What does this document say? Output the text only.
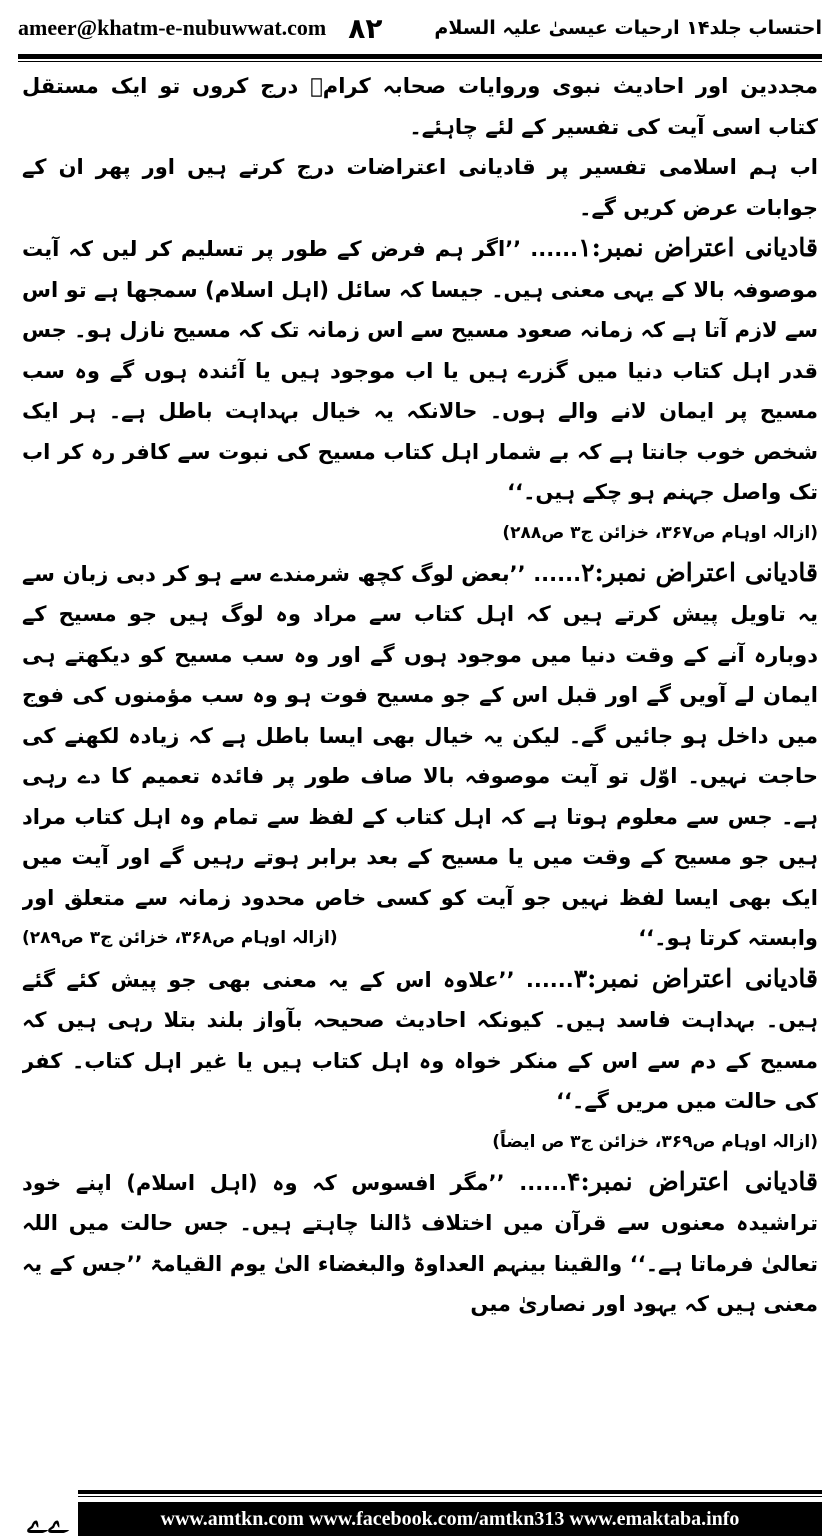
ameer@khatm-e-nubuwwat.com ۸۲	احتساب جلد۱۴ ارحیات عیسیٰ علیہ السلام

مجددین اور احادیث نبوی وروایات صحابہ کرامؓ درج کروں تو ایک مستقل کتاب اسی آیت کی تفسیر کے لئے چاہئے۔

اب ہم اسلامی تفسیر پر قادیانی اعتراضات درج کرتے ہیں اور پھر ان کے جوابات عرض کریں گے۔

قادیانی اعتراض نمبر:۱...... ’’اگر ہم فرض کے طور پر تسلیم کر لیں کہ آیت موصوفہ بالا کے یہی معنی ہیں۔ جیسا کہ سائل (اہل اسلام) سمجھا ہے تو اس سے لازم آتا ہے کہ زمانہ صعود مسیح سے اس زمانہ تک کہ مسیح نازل ہو۔ جس قدر اہل کتاب دنیا میں گزرے ہیں یا اب موجود ہیں یا آئندہ ہوں گے وہ سب مسیح پر ایمان لانے والے ہوں۔ حالانکہ یہ خیال بہداہت باطل ہے۔ ہر ایک شخص خوب جانتا ہے کہ بے شمار اہل کتاب مسیح کی نبوت سے کافر رہ کر اب تک واصل جہنم ہو چکے ہیں۔‘‘

(ازالہ اوہام ص۳۶۷، خزائن ج۳ ص۲۸۸)

قادیانی اعتراض نمبر:۲...... ’’بعض لوگ کچھ شرمندے سے ہو کر دبی زبان سے یہ تاویل پیش کرتے ہیں کہ اہل کتاب سے مراد وہ لوگ ہیں جو مسیح کے دوبارہ آنے کے وقت دنیا میں موجود ہوں گے اور وہ سب مسیح کو دیکھتے ہی ایمان لے آویں گے اور قبل اس کے جو مسیح فوت ہو وہ سب مؤمنوں کی فوج میں داخل ہو جائیں گے۔ لیکن یہ خیال بھی ایسا باطل ہے کہ زیادہ لکھنے کی حاجت نہیں۔ اوّل تو آیت موصوفہ بالا صاف طور پر فائدہ تعمیم کا دے رہی ہے۔ جس سے معلوم ہوتا ہے کہ اہل کتاب کے لفظ سے تمام وہ اہل کتاب مراد ہیں جو مسیح کے وقت میں یا مسیح کے بعد برابر ہوتے رہیں گے اور آیت میں ایک بھی ایسا لفظ نہیں جو آیت کو کسی خاص محدود زمانہ سے متعلق اور وابستہ کرتا ہو۔‘‘
(ازالہ اوہام ص۳۶۸، خزائن ج۳ ص۲۸۹)

قادیانی اعتراض نمبر:۳...... ’’علاوہ اس کے یہ معنی بھی جو پیش کئے گئے ہیں۔ بہداہت فاسد ہیں۔ کیونکہ احادیث صحیحہ بآواز بلند بتلا رہی ہیں کہ مسیح کے دم سے اس کے منکر خواہ وہ اہل کتاب ہیں یا غیر اہل کتاب۔ کفر کی حالت میں مریں گے۔‘‘

(ازالہ اوہام ص۳۶۹، خزائن ج۳ ص ایضاً)

قادیانی اعتراض نمبر:۴...... ’’مگر افسوس کہ وہ (اہل اسلام) اپنے خود تراشیدہ معنوں سے قرآن میں اختلاف ڈالنا چاہتے ہیں۔ جس حالت میں اللہ تعالیٰ فرماتا ہے۔‘‘ والقینا بینہم العداوۃ والبغضاء الیٰ یوم القیامۃ ’’جس کے یہ معنی ہیں کہ یہود اور نصاریٰ میں

ﮮﮮ	www.amtkn.com www.facebook.com/amtkn313 www.emaktaba.info
